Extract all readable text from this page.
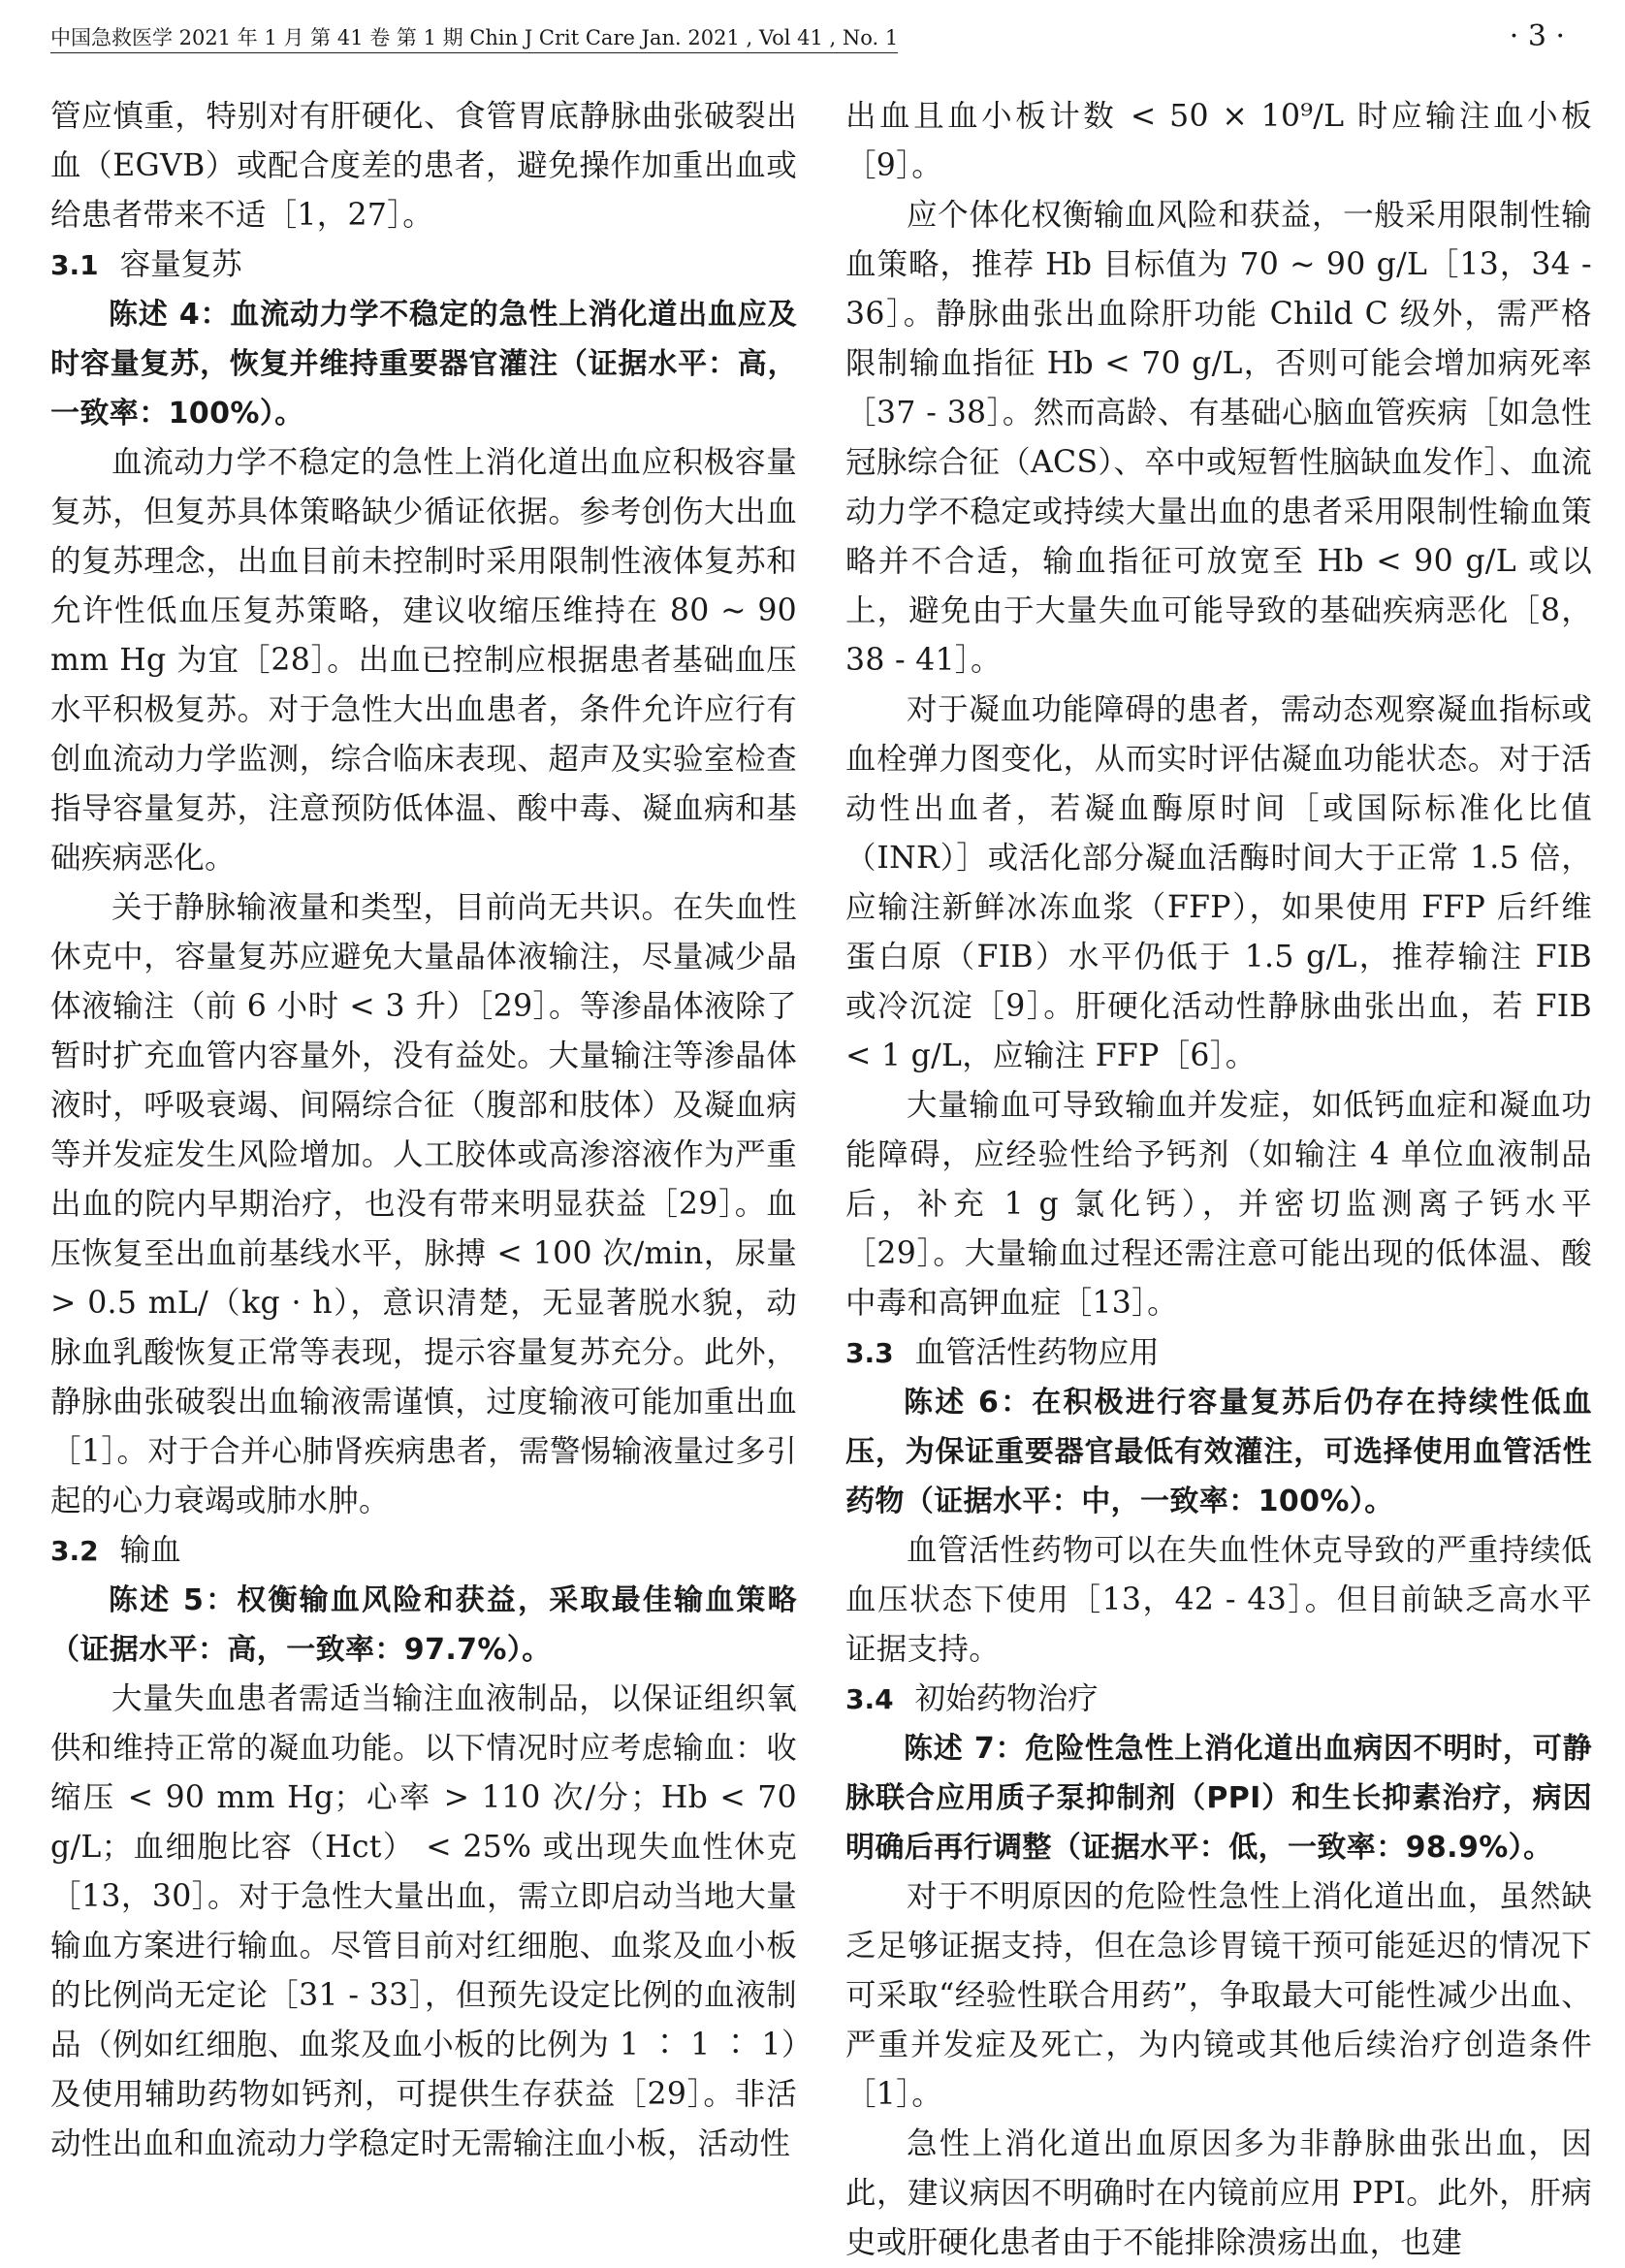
中国急救医学 2021 年 1 月 第 41 卷 第 1 期 Chin J Crit Care Jan. 2021 , Vol 41 , No. 1	· 3 ·

管应慎重，特别对有肝硬化、食管胃底静脉曲张破裂出血（EGVB）或配合度差的患者，避免操作加重出血或给患者带来不适［1，27］。

3.1 容量复苏

陈述 4：血流动力学不稳定的急性上消化道出血应及时容量复苏，恢复并维持重要器官灌注（证据水平：高，一致率：100%）。

血流动力学不稳定的急性上消化道出血应积极容量复苏，但复苏具体策略缺少循证依据。参考创伤大出血的复苏理念，出血目前未控制时采用限制性液体复苏和允许性低血压复苏策略，建议收缩压维持在 80 ~ 90 mm Hg 为宜［28］。出血已控制应根据患者基础血压水平积极复苏。对于急性大出血患者，条件允许应行有创血流动力学监测，综合临床表现、超声及实验室检查指导容量复苏，注意预防低体温、酸中毒、凝血病和基础疾病恶化。

关于静脉输液量和类型，目前尚无共识。在失血性休克中，容量复苏应避免大量晶体液输注，尽量减少晶体液输注（前 6 小时 < 3 升）［29］。等渗晶体液除了暂时扩充血管内容量外，没有益处。大量输注等渗晶体液时，呼吸衰竭、间隔综合征（腹部和肢体）及凝血病等并发症发生风险增加。人工胶体或高渗溶液作为严重出血的院内早期治疗，也没有带来明显获益［29］。血压恢复至出血前基线水平，脉搏 < 100 次/min，尿量 > 0.5 mL/（kg · h），意识清楚，无显著脱水貌，动脉血乳酸恢复正常等表现，提示容量复苏充分。此外，静脉曲张破裂出血输液需谨慎，过度输液可能加重出血［1］。对于合并心肺肾疾病患者，需警惕输液量过多引起的心力衰竭或肺水肿。

3.2 输血

陈述 5：权衡输血风险和获益，采取最佳输血策略（证据水平：高，一致率：97.7%）。

大量失血患者需适当输注血液制品，以保证组织氧供和维持正常的凝血功能。以下情况时应考虑输血：收缩压 < 90 mm Hg；心率 > 110 次/分；Hb < 70 g/L；血细胞比容（Hct） < 25% 或出现失血性休克［13，30］。对于急性大量出血，需立即启动当地大量输血方案进行输血。尽管目前对红细胞、血浆及血小板的比例尚无定论［31 - 33］，但预先设定比例的血液制品（例如红细胞、血浆及血小板的比例为 1 ∶ 1 ∶ 1）及使用辅助药物如钙剂，可提供生存获益［29］。非活动性出血和血流动力学稳定时无需输注血小板，活动性

出血且血小板计数 < 50 × 10⁹/L 时应输注血小板［9］。

应个体化权衡输血风险和获益，一般采用限制性输血策略，推荐 Hb 目标值为 70 ~ 90 g/L［13，34 - 36］。静脉曲张出血除肝功能 Child C 级外，需严格限制输血指征 Hb < 70 g/L，否则可能会增加病死率［37 - 38］。然而高龄、有基础心脑血管疾病［如急性冠脉综合征（ACS）、卒中或短暂性脑缺血发作］、血流动力学不稳定或持续大量出血的患者采用限制性输血策略并不合适，输血指征可放宽至 Hb < 90 g/L 或以上，避免由于大量失血可能导致的基础疾病恶化［8，38 - 41］。

对于凝血功能障碍的患者，需动态观察凝血指标或血栓弹力图变化，从而实时评估凝血功能状态。对于活动性出血者，若凝血酶原时间［或国际标准化比值（INR）］或活化部分凝血活酶时间大于正常 1.5 倍，应输注新鲜冰冻血浆（FFP），如果使用 FFP 后纤维蛋白原（FIB）水平仍低于 1.5 g/L，推荐输注 FIB 或冷沉淀［9］。肝硬化活动性静脉曲张出血，若 FIB < 1 g/L，应输注 FFP［6］。

大量输血可导致输血并发症，如低钙血症和凝血功能障碍，应经验性给予钙剂（如输注 4 单位血液制品后，补充 1 g 氯化钙），并密切监测离子钙水平［29］。大量输血过程还需注意可能出现的低体温、酸中毒和高钾血症［13］。

3.3 血管活性药物应用

陈述 6：在积极进行容量复苏后仍存在持续性低血压，为保证重要器官最低有效灌注，可选择使用血管活性药物（证据水平：中，一致率：100%）。

血管活性药物可以在失血性休克导致的严重持续低血压状态下使用［13，42 - 43］。但目前缺乏高水平证据支持。

3.4 初始药物治疗

陈述 7：危险性急性上消化道出血病因不明时，可静脉联合应用质子泵抑制剂（PPI）和生长抑素治疗，病因明确后再行调整（证据水平：低，一致率：98.9%）。

对于不明原因的危险性急性上消化道出血，虽然缺乏足够证据支持，但在急诊胃镜干预可能延迟的情况下可采取“经验性联合用药”，争取最大可能性减少出血、严重并发症及死亡，为内镜或其他后续治疗创造条件［1］。

急性上消化道出血原因多为非静脉曲张出血，因此，建议病因不明确时在内镜前应用 PPI。此外，肝病史或肝硬化患者由于不能排除溃疡出血，也建
